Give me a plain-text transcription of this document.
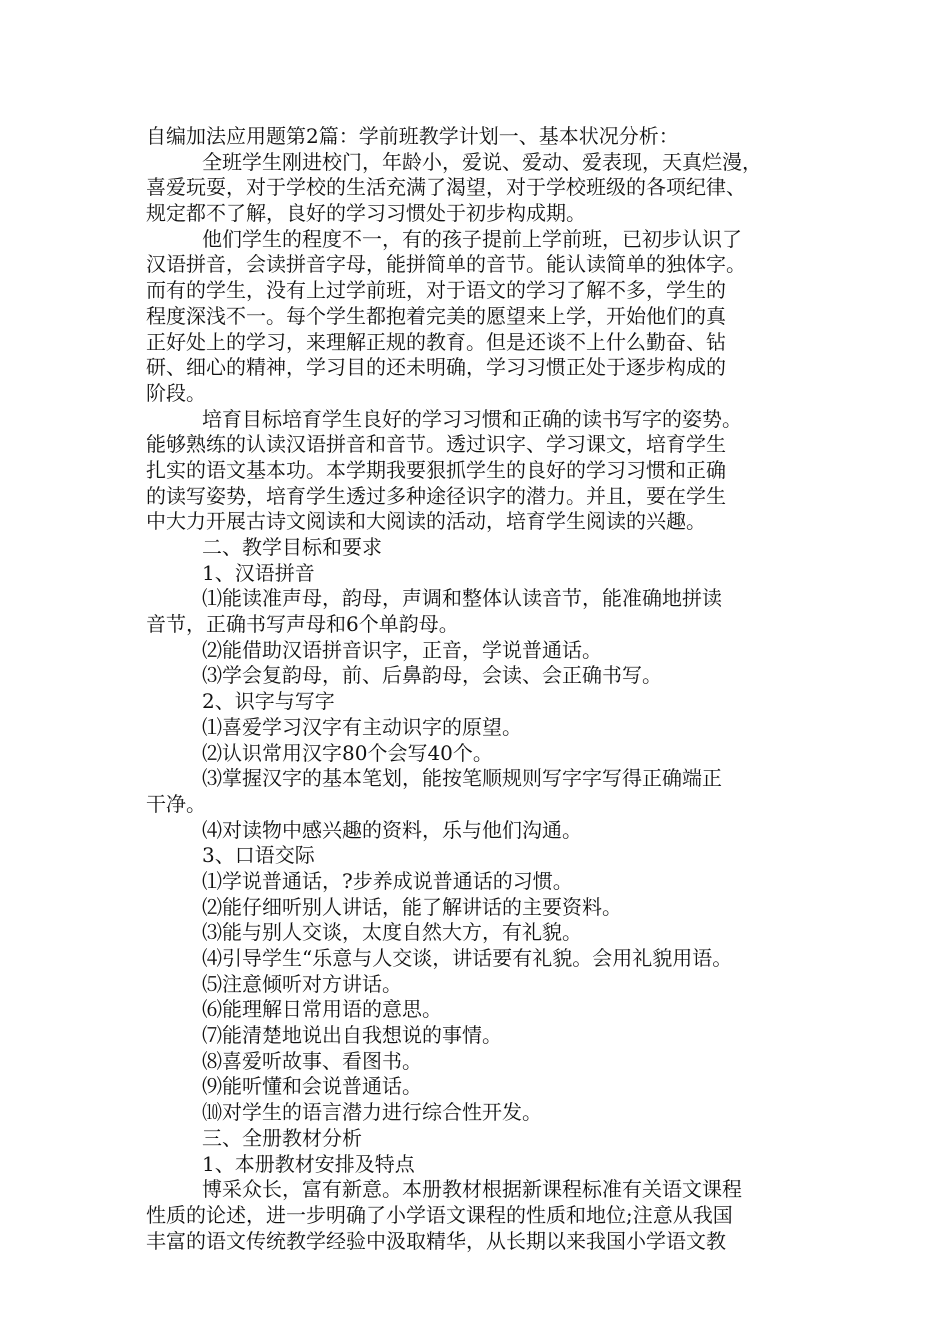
自编加法应用题第2篇：学前班教学计划一、基本状况分析：
全班学生刚进校门，年龄小，爱说、爱动、爱表现，天真烂漫，
喜爱玩耍，对于学校的生活充满了渴望，对于学校班级的各项纪律、
规定都不了解，良好的学习习惯处于初步构成期。
他们学生的程度不一，有的孩子提前上学前班，已初步认识了
汉语拼音，会读拼音字母，能拼简单的音节。能认读简单的独体字。
而有的学生，没有上过学前班，对于语文的学习了解不多，学生的
程度深浅不一。每个学生都抱着完美的愿望来上学，开始他们的真
正好处上的学习，来理解正规的教育。但是还谈不上什么勤奋、钻
研、细心的精神，学习目的还未明确，学习习惯正处于逐步构成的
阶段。
培育目标培育学生良好的学习习惯和正确的读书写字的姿势。
能够熟练的认读汉语拼音和音节。透过识字、学习课文，培育学生
扎实的语文基本功。本学期我要狠抓学生的良好的学习习惯和正确
的读写姿势，培育学生透过多种途径识字的潜力。并且，要在学生
中大力开展古诗文阅读和大阅读的活动，培育学生阅读的兴趣。
二、教学目标和要求
1、汉语拼音
⑴能读准声母，韵母，声调和整体认读音节，能准确地拼读
音节，正确书写声母和6个单韵母。
⑵能借助汉语拼音识字，正音，学说普通话。
⑶学会复韵母，前、后鼻韵母，会读、会正确书写。
2、识字与写字
⑴喜爱学习汉字有主动识字的原望。
⑵认识常用汉字80个会写40个。
⑶掌握汉字的基本笔划，能按笔顺规则写字字写得正确端正
干净。
⑷对读物中感兴趣的资料，乐与他们沟通。
3、口语交际
⑴学说普通话，?步养成说普通话的习惯。
⑵能仔细听别人讲话，能了解讲话的主要资料。
⑶能与别人交谈，太度自然大方，有礼貌。
⑷引导学生“乐意与人交谈，讲话要有礼貌。会用礼貌用语。
⑸注意倾听对方讲话。
⑹能理解日常用语的意思。
⑺能清楚地说出自我想说的事情。
⑻喜爱听故事、看图书。
⑼能听懂和会说普通话。
⑽对学生的语言潜力进行综合性开发。
三、全册教材分析
1、本册教材安排及特点
博采众长，富有新意。本册教材根据新课程标准有关语文课程
性质的论述，进一步明确了小学语文课程的性质和地位;注意从我国
丰富的语文传统教学经验中汲取精华，从长期以来我国小学语文教
